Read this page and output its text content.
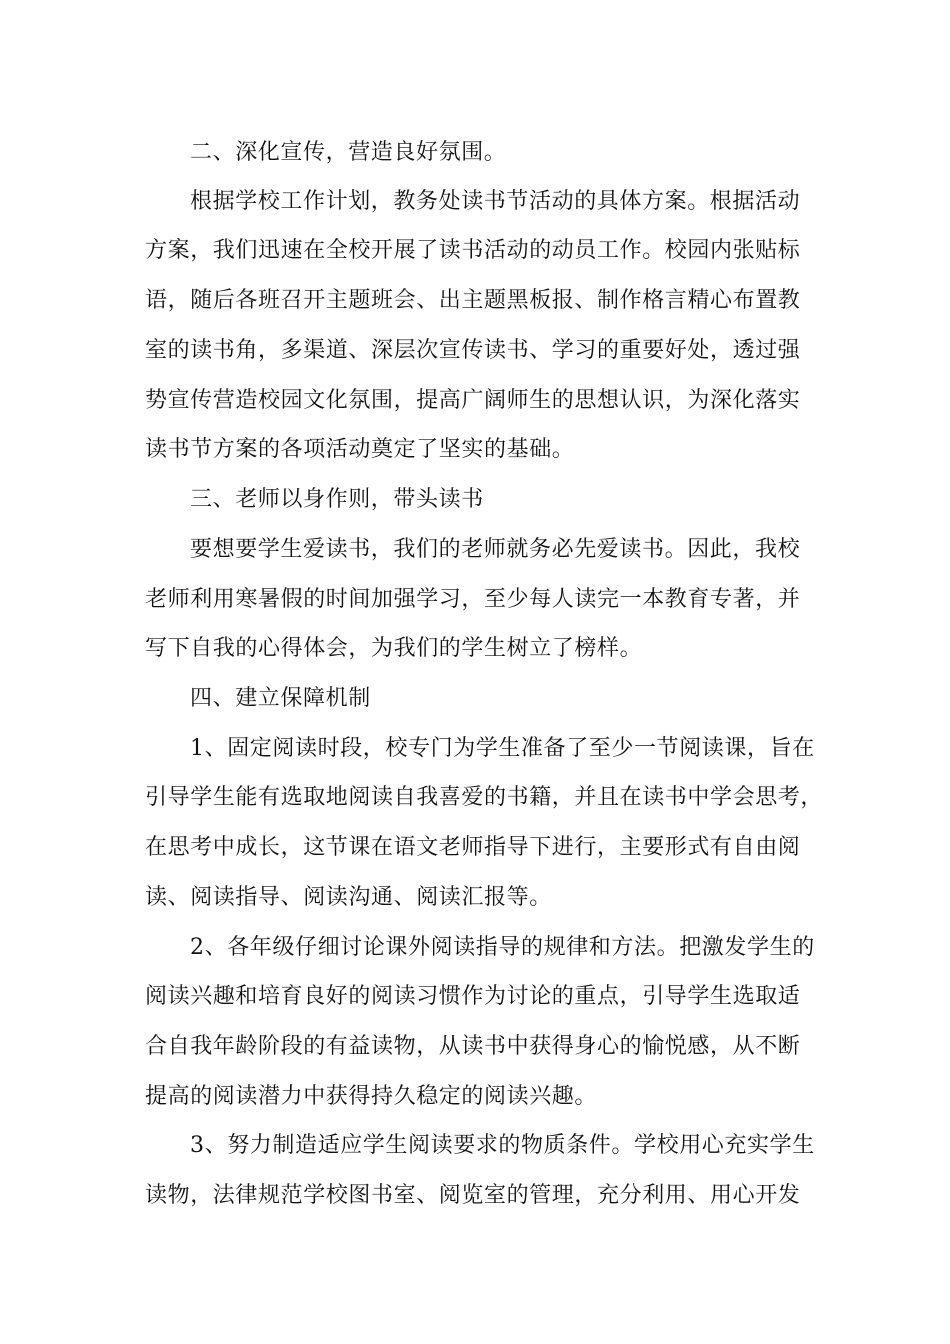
二、深化宣传，营造良好氛围。
根据学校工作计划，教务处读书节活动的具体方案。根据活动
方案，我们迅速在全校开展了读书活动的动员工作。校园内张贴标
语，随后各班召开主题班会、出主题黑板报、制作格言精心布置教
室的读书角，多渠道、深层次宣传读书、学习的重要好处，透过强
势宣传营造校园文化氛围，提高广阔师生的思想认识，为深化落实
读书节方案的各项活动奠定了坚实的基础。
三、老师以身作则，带头读书
要想要学生爱读书，我们的老师就务必先爱读书。因此，我校
老师利用寒暑假的时间加强学习，至少每人读完一本教育专著，并
写下自我的心得体会，为我们的学生树立了榜样。
四、建立保障机制
1、固定阅读时段，校专门为学生准备了至少一节阅读课，旨在
引导学生能有选取地阅读自我喜爱的书籍，并且在读书中学会思考，
在思考中成长，这节课在语文老师指导下进行，主要形式有自由阅
读、阅读指导、阅读沟通、阅读汇报等。
2、各年级仔细讨论课外阅读指导的规律和方法。把激发学生的
阅读兴趣和培育良好的阅读习惯作为讨论的重点，引导学生选取适
合自我年龄阶段的有益读物，从读书中获得身心的愉悦感，从不断
提高的阅读潜力中获得持久稳定的阅读兴趣。
3、努力制造适应学生阅读要求的物质条件。学校用心充实学生
读物，法律规范学校图书室、阅览室的管理，充分利用、用心开发
